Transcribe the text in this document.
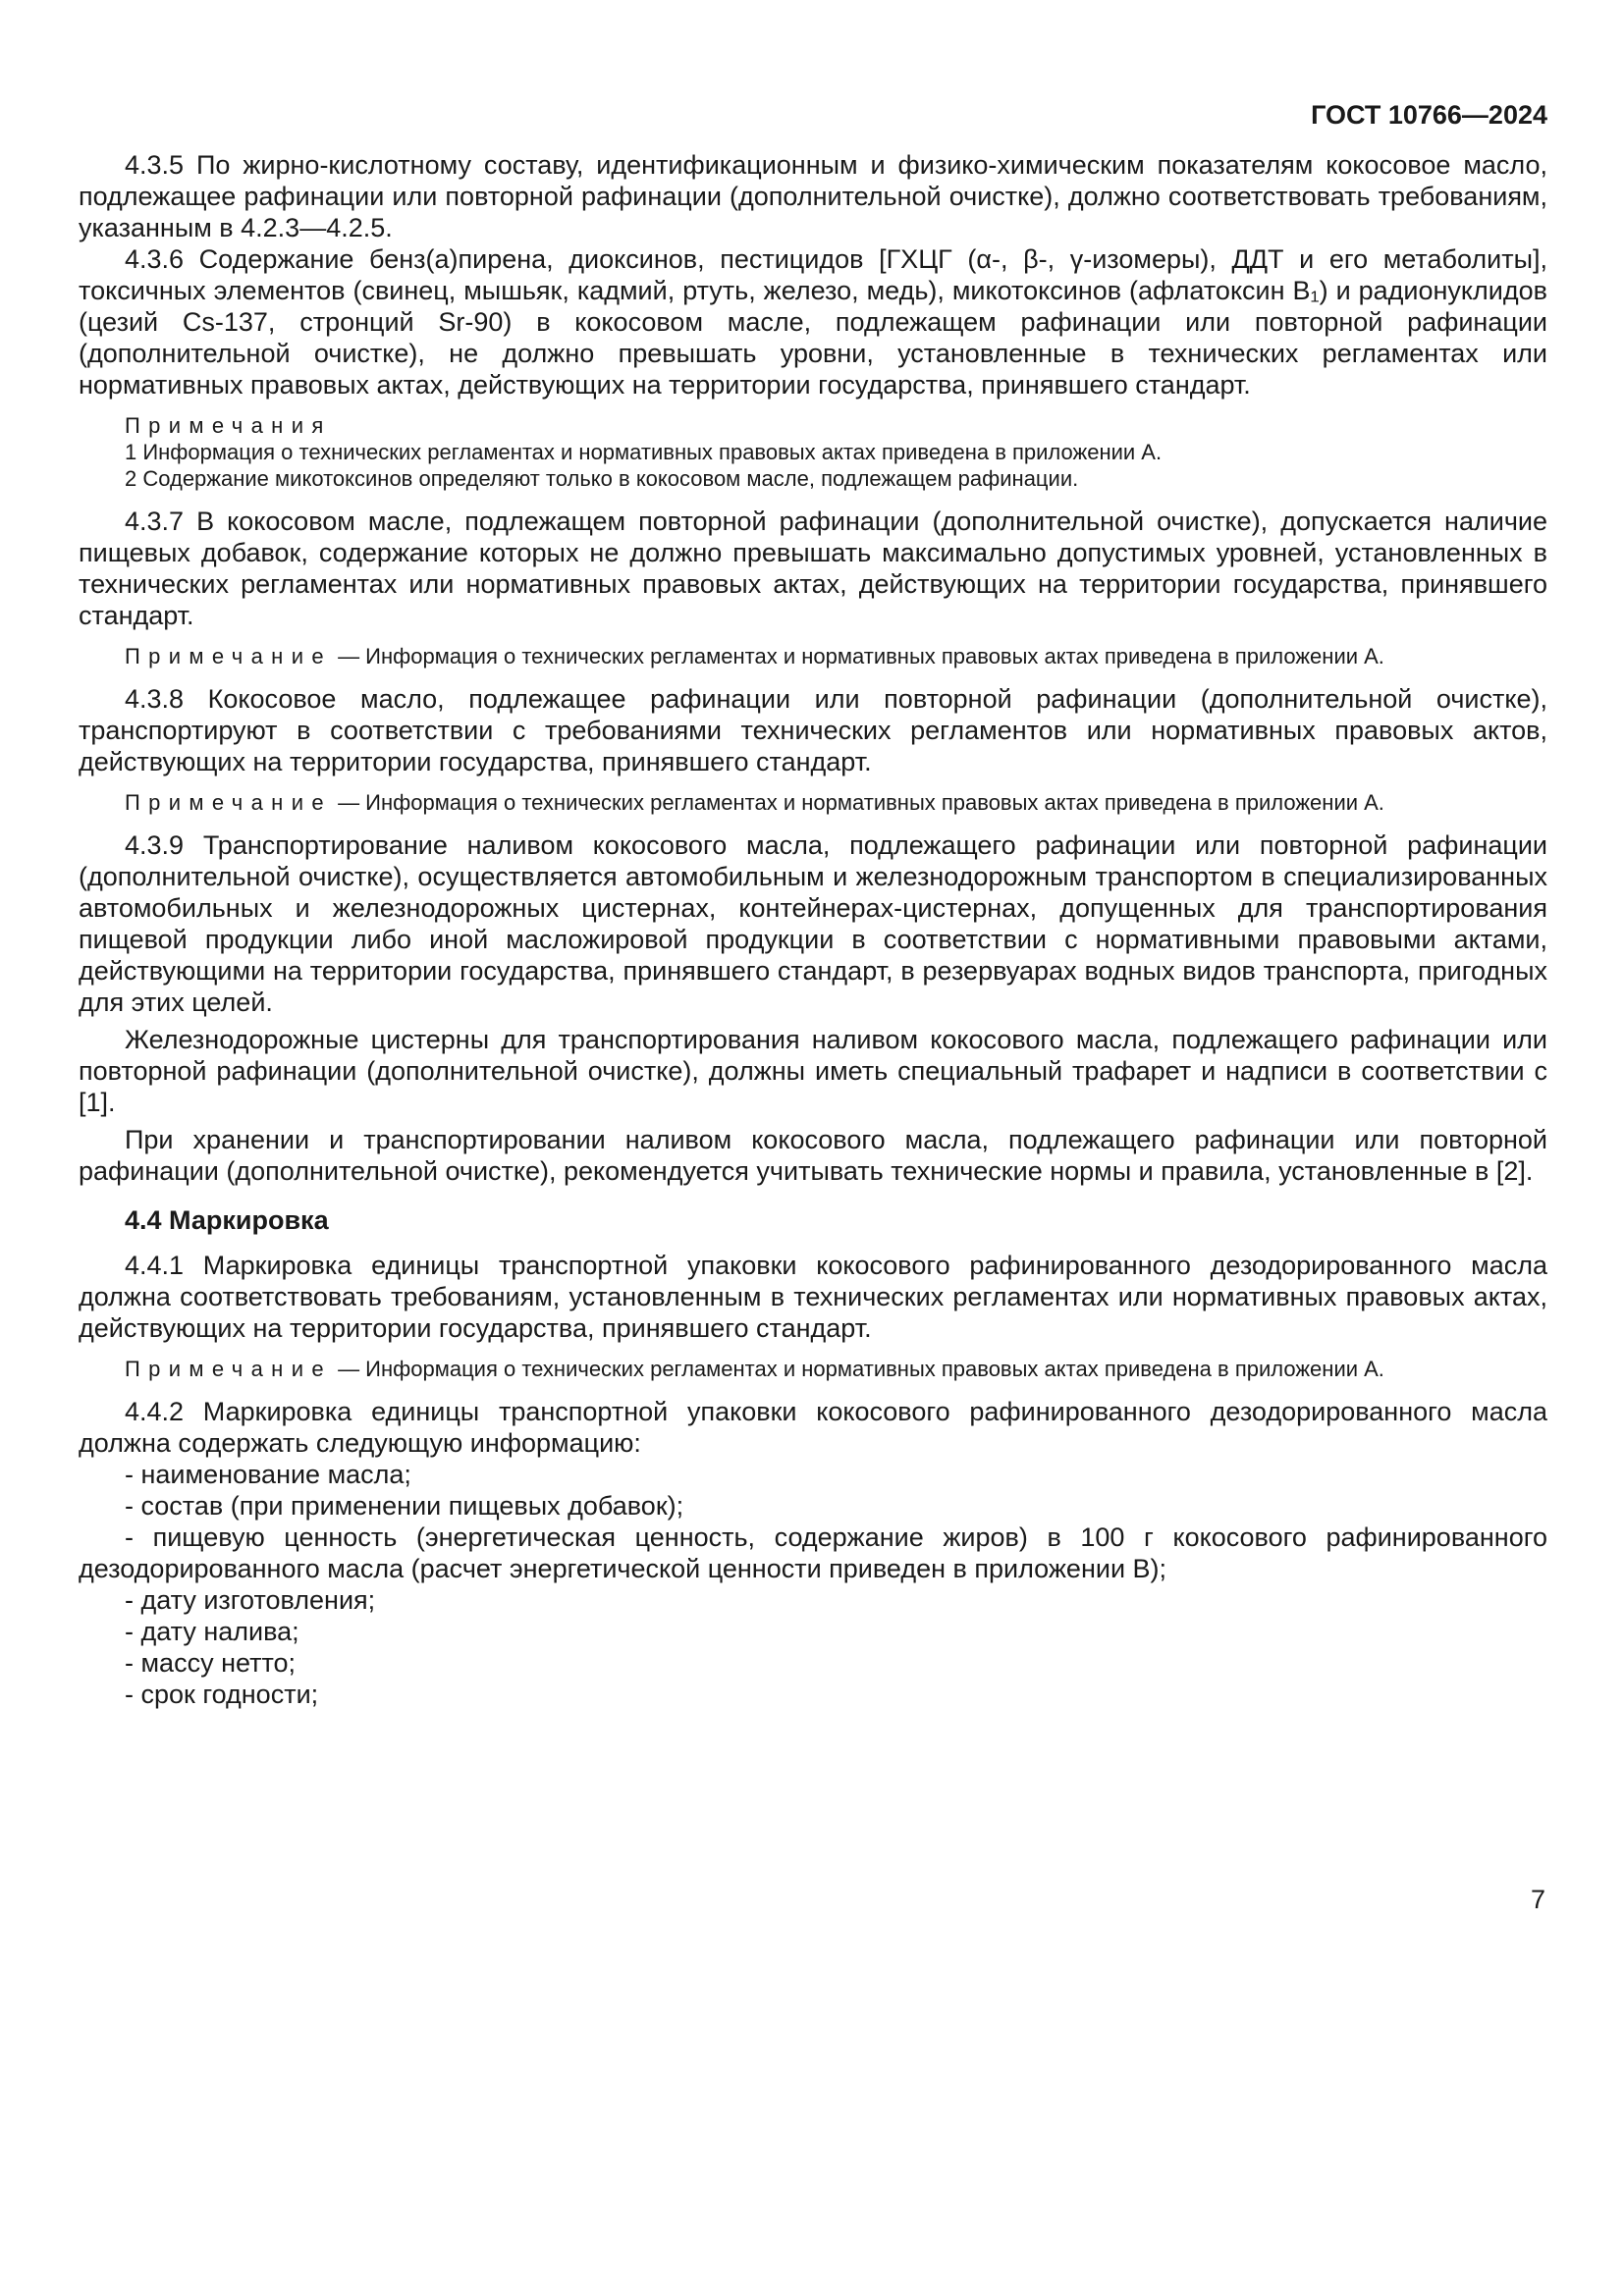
ГОСТ 10766—2024

4.3.5 По жирно-кислотному составу, идентификационным и физико-химическим показателям кокосовое масло, подлежащее рафинации или повторной рафинации (дополнительной очистке), должно соответствовать требованиям, указанным в 4.2.3—4.2.5.

4.3.6 Содержание бенз(а)пирена, диоксинов, пестицидов [ГХЦГ (α-, β-, γ-изомеры), ДДТ и его метаболиты], токсичных элементов (свинец, мышьяк, кадмий, ртуть, железо, медь), микотоксинов (афлатоксин B₁) и радионуклидов (цезий Cs-137, стронций Sr-90) в кокосовом масле, подлежащем рафинации или повторной рафинации (дополнительной очистке), не должно превышать уровни, установленные в технических регламентах или нормативных правовых актах, действующих на территории государства, принявшего стандарт.

Примечания

1 Информация о технических регламентах и нормативных правовых актах приведена в приложении А.

2 Содержание микотоксинов определяют только в кокосовом масле, подлежащем рафинации.

4.3.7 В кокосовом масле, подлежащем повторной рафинации (дополнительной очистке), допускается наличие пищевых добавок, содержание которых не должно превышать максимально допустимых уровней, установленных в технических регламентах или нормативных правовых актах, действующих на территории государства, принявшего стандарт.

Примечание — Информация о технических регламентах и нормативных правовых актах приведена в приложении А.

4.3.8 Кокосовое масло, подлежащее рафинации или повторной рафинации (дополнительной очистке), транспортируют в соответствии с требованиями технических регламентов или нормативных правовых актов, действующих на территории государства, принявшего стандарт.

Примечание — Информация о технических регламентах и нормативных правовых актах приведена в приложении А.

4.3.9 Транспортирование наливом кокосового масла, подлежащего рафинации или повторной рафинации (дополнительной очистке), осуществляется автомобильным и железнодорожным транспортом в специализированных автомобильных и железнодорожных цистернах, контейнерах-цистернах, допущенных для транспортирования пищевой продукции либо иной масложировой продукции в соответствии с нормативными правовыми актами, действующими на территории государства, принявшего стандарт, в резервуарах водных видов транспорта, пригодных для этих целей.

Железнодорожные цистерны для транспортирования наливом кокосового масла, подлежащего рафинации или повторной рафинации (дополнительной очистке), должны иметь специальный трафарет и надписи в соответствии с [1].

При хранении и транспортировании наливом кокосового масла, подлежащего рафинации или повторной рафинации (дополнительной очистке), рекомендуется учитывать технические нормы и правила, установленные в [2].

4.4 Маркировка

4.4.1 Маркировка единицы транспортной упаковки кокосового рафинированного дезодорированного масла должна соответствовать требованиям, установленным в технических регламентах или нормативных правовых актах, действующих на территории государства, принявшего стандарт.

Примечание — Информация о технических регламентах и нормативных правовых актах приведена в приложении А.

4.4.2 Маркировка единицы транспортной упаковки кокосового рафинированного дезодорированного масла должна содержать следующую информацию:

- наименование масла;

- состав (при применении пищевых добавок);

- пищевую ценность (энергетическая ценность, содержание жиров) в 100 г кокосового рафинированного дезодорированного масла (расчет энергетической ценности приведен в приложении В);

- дату изготовления;

- дату налива;

- массу нетто;

- срок годности;

7
